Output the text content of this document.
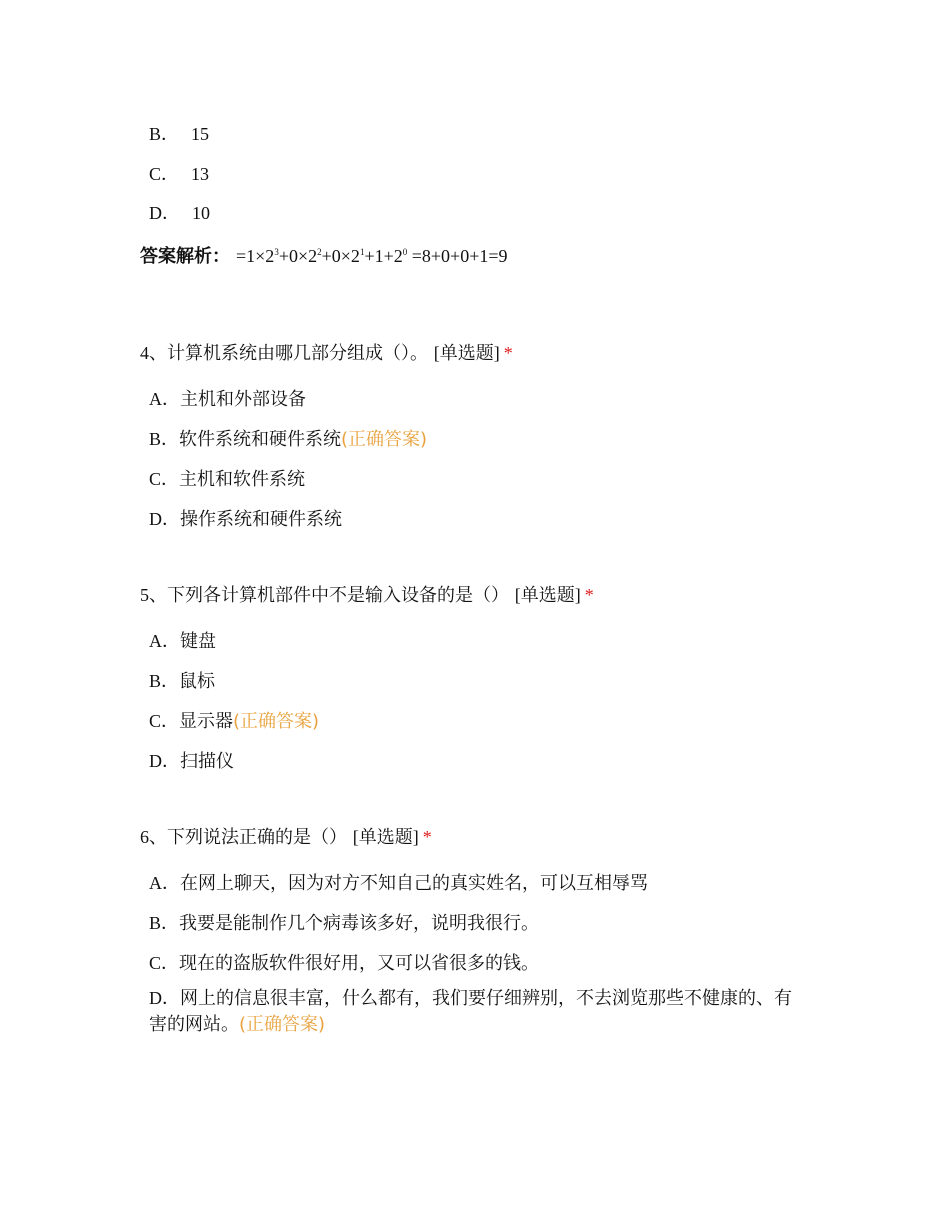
B． 15
C． 13
D． 10
答案解析： $=1\times 2^3+0\times 2^2+0\times 2^1+1+2^0 =8+0+0+1=9$
4、计算机系统由哪几部分组成（）。 [单选题] *
A．主机和外部设备
B．软件系统和硬件系统(正确答案)
C．主机和软件系统
D．操作系统和硬件系统
5、下列各计算机部件中不是输入设备的是（） [单选题] *
A．键盘
B．鼠标
C．显示器(正确答案)
D．扫描仪
6、下列说法正确的是（） [单选题] *
A．在网上聊天，因为对方不知自己的真实姓名，可以互相辱骂
B．我要是能制作几个病毒该多好，说明我很行。
C．现在的盗版软件很好用，又可以省很多的钱。
D．网上的信息很丰富，什么都有，我们要仔细辨别，不去浏览那些不健康的、有害的网站。(正确答案)
